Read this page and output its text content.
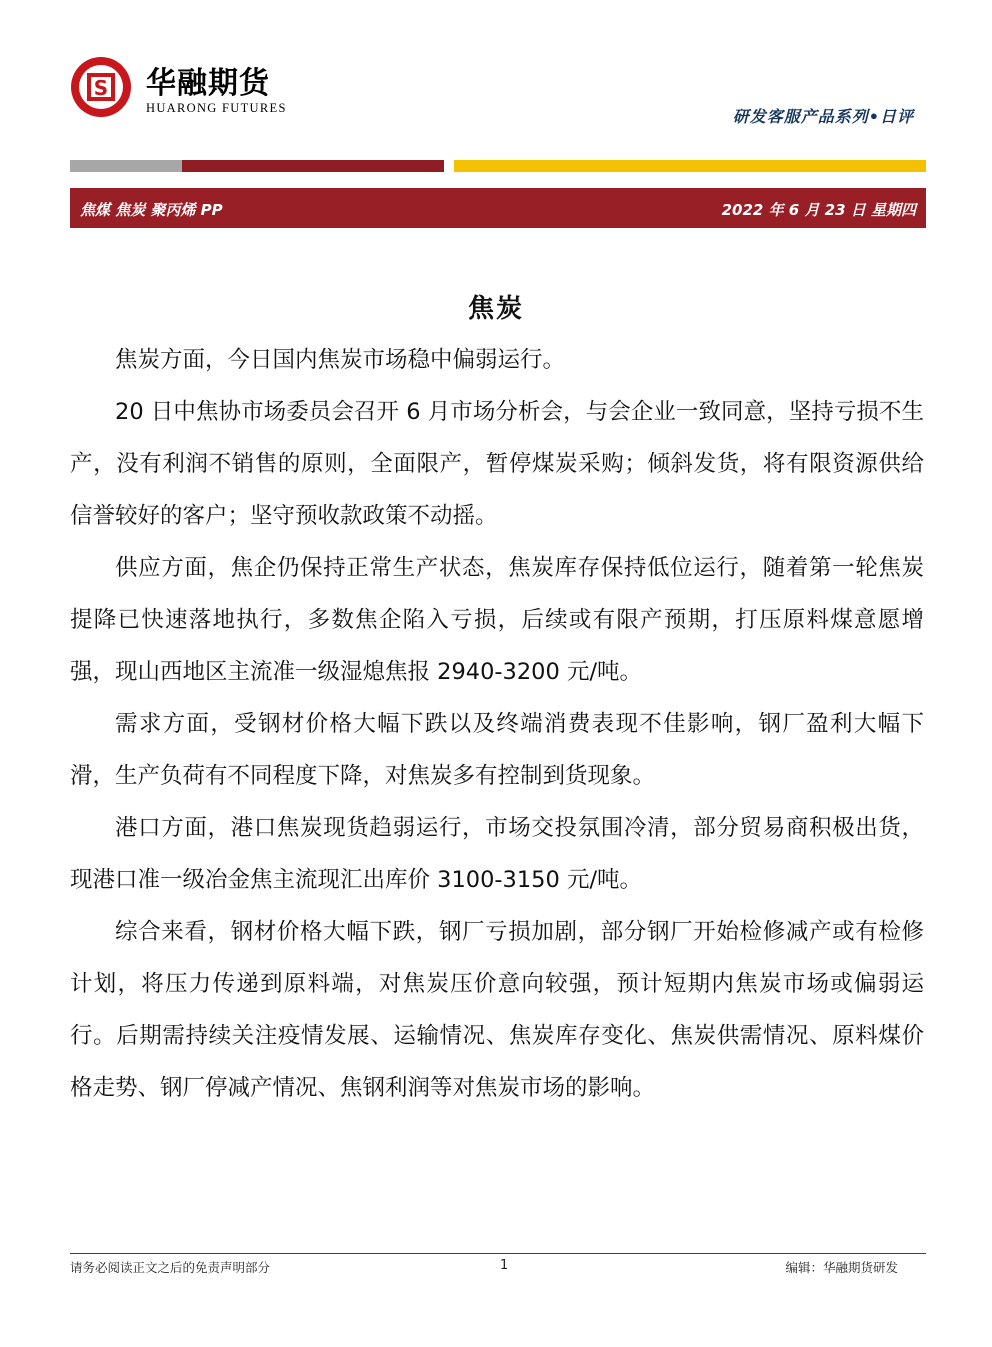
S 华融期货
HUARONG FUTURES	研发客服产品系列•日评
焦煤 焦炭 聚丙烯 PP	2022 年 6 月 23 日 星期四
焦炭

焦炭方面，今日国内焦炭市场稳中偏弱运行。

20 日中焦协市场委员会召开 6 月市场分析会，与会企业一致同意，坚持亏损不生产，没有利润不销售的原则，全面限产，暂停煤炭采购；倾斜发货，将有限资源供给信誉较好的客户；坚守预收款政策不动摇。

供应方面，焦企仍保持正常生产状态，焦炭库存保持低位运行，随着第一轮焦炭提降已快速落地执行，多数焦企陷入亏损，后续或有限产预期，打压原料煤意愿增强，现山西地区主流准一级湿熄焦报 2940-3200 元/吨。

需求方面，受钢材价格大幅下跌以及终端消费表现不佳影响，钢厂盈利大幅下滑，生产负荷有不同程度下降，对焦炭多有控制到货现象。

港口方面，港口焦炭现货趋弱运行，市场交投氛围冷清，部分贸易商积极出货，现港口准一级冶金焦主流现汇出库价 3100-3150 元/吨。

综合来看，钢材价格大幅下跌，钢厂亏损加剧，部分钢厂开始检修减产或有检修计划，将压力传递到原料端，对焦炭压价意向较强，预计短期内焦炭市场或偏弱运行。后期需持续关注疫情发展、运输情况、焦炭库存变化、焦炭供需情况、原料煤价格走势、钢厂停减产情况、焦钢利润等对焦炭市场的影响。

请务必阅读正文之后的免责声明部分	1	编辑：华融期货研发
